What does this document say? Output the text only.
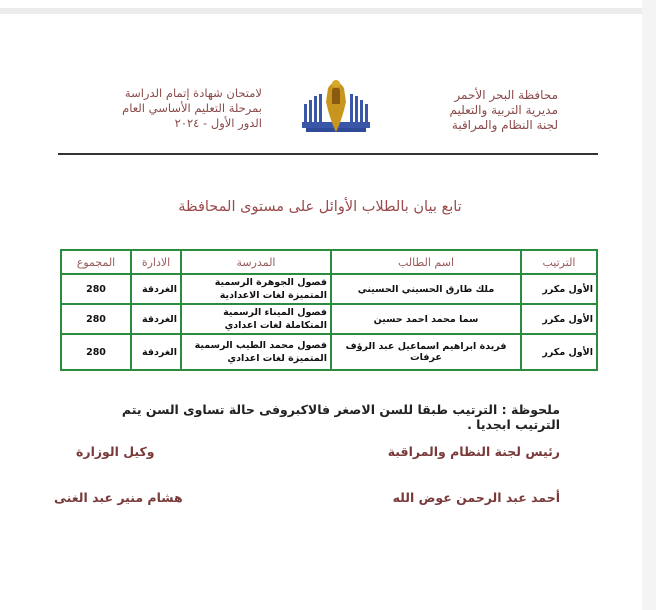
محافظة البحر الأحمر
مديرية التربية والتعليم
لجنة النظام والمراقبة
لامتحان شهادة إتمام الدراسة
بمرحلة التعليم الأساسي العام
الدور الأول - ٢٠٢٤
تابع بيان بالطلاب الأوائل على مستوى المحافظة
الترتيب	اسم الطالب	المدرسة	الادارة	المجموع
الأول مكرر	ملك طارق الحسيني الحسيني	فصول الجوهرة الرسمية المتميزة لغات الاعدادية	الغردقة	280
الأول مكرر	سما محمد احمد حسين	فصول الميناء الرسمية المتكاملة لغات اعدادي	الغردقة	280
الأول مكرر	فريدة ابراهيم اسماعيل عبد الرؤف عرفات	فصول محمد الطيب الرسمية المتميزة لغات اعدادي	الغردقة	280
ملحوظة : الترتيب طبقا للسن الاصغر فالاكبروفى حالة تساوى السن يتم الترتيب ابجديا .
رئيس لجنة النظام والمراقبة
وكيل الوزارة
أحمد عبد الرحمن عوض الله
هشام منير عبد الغنى
